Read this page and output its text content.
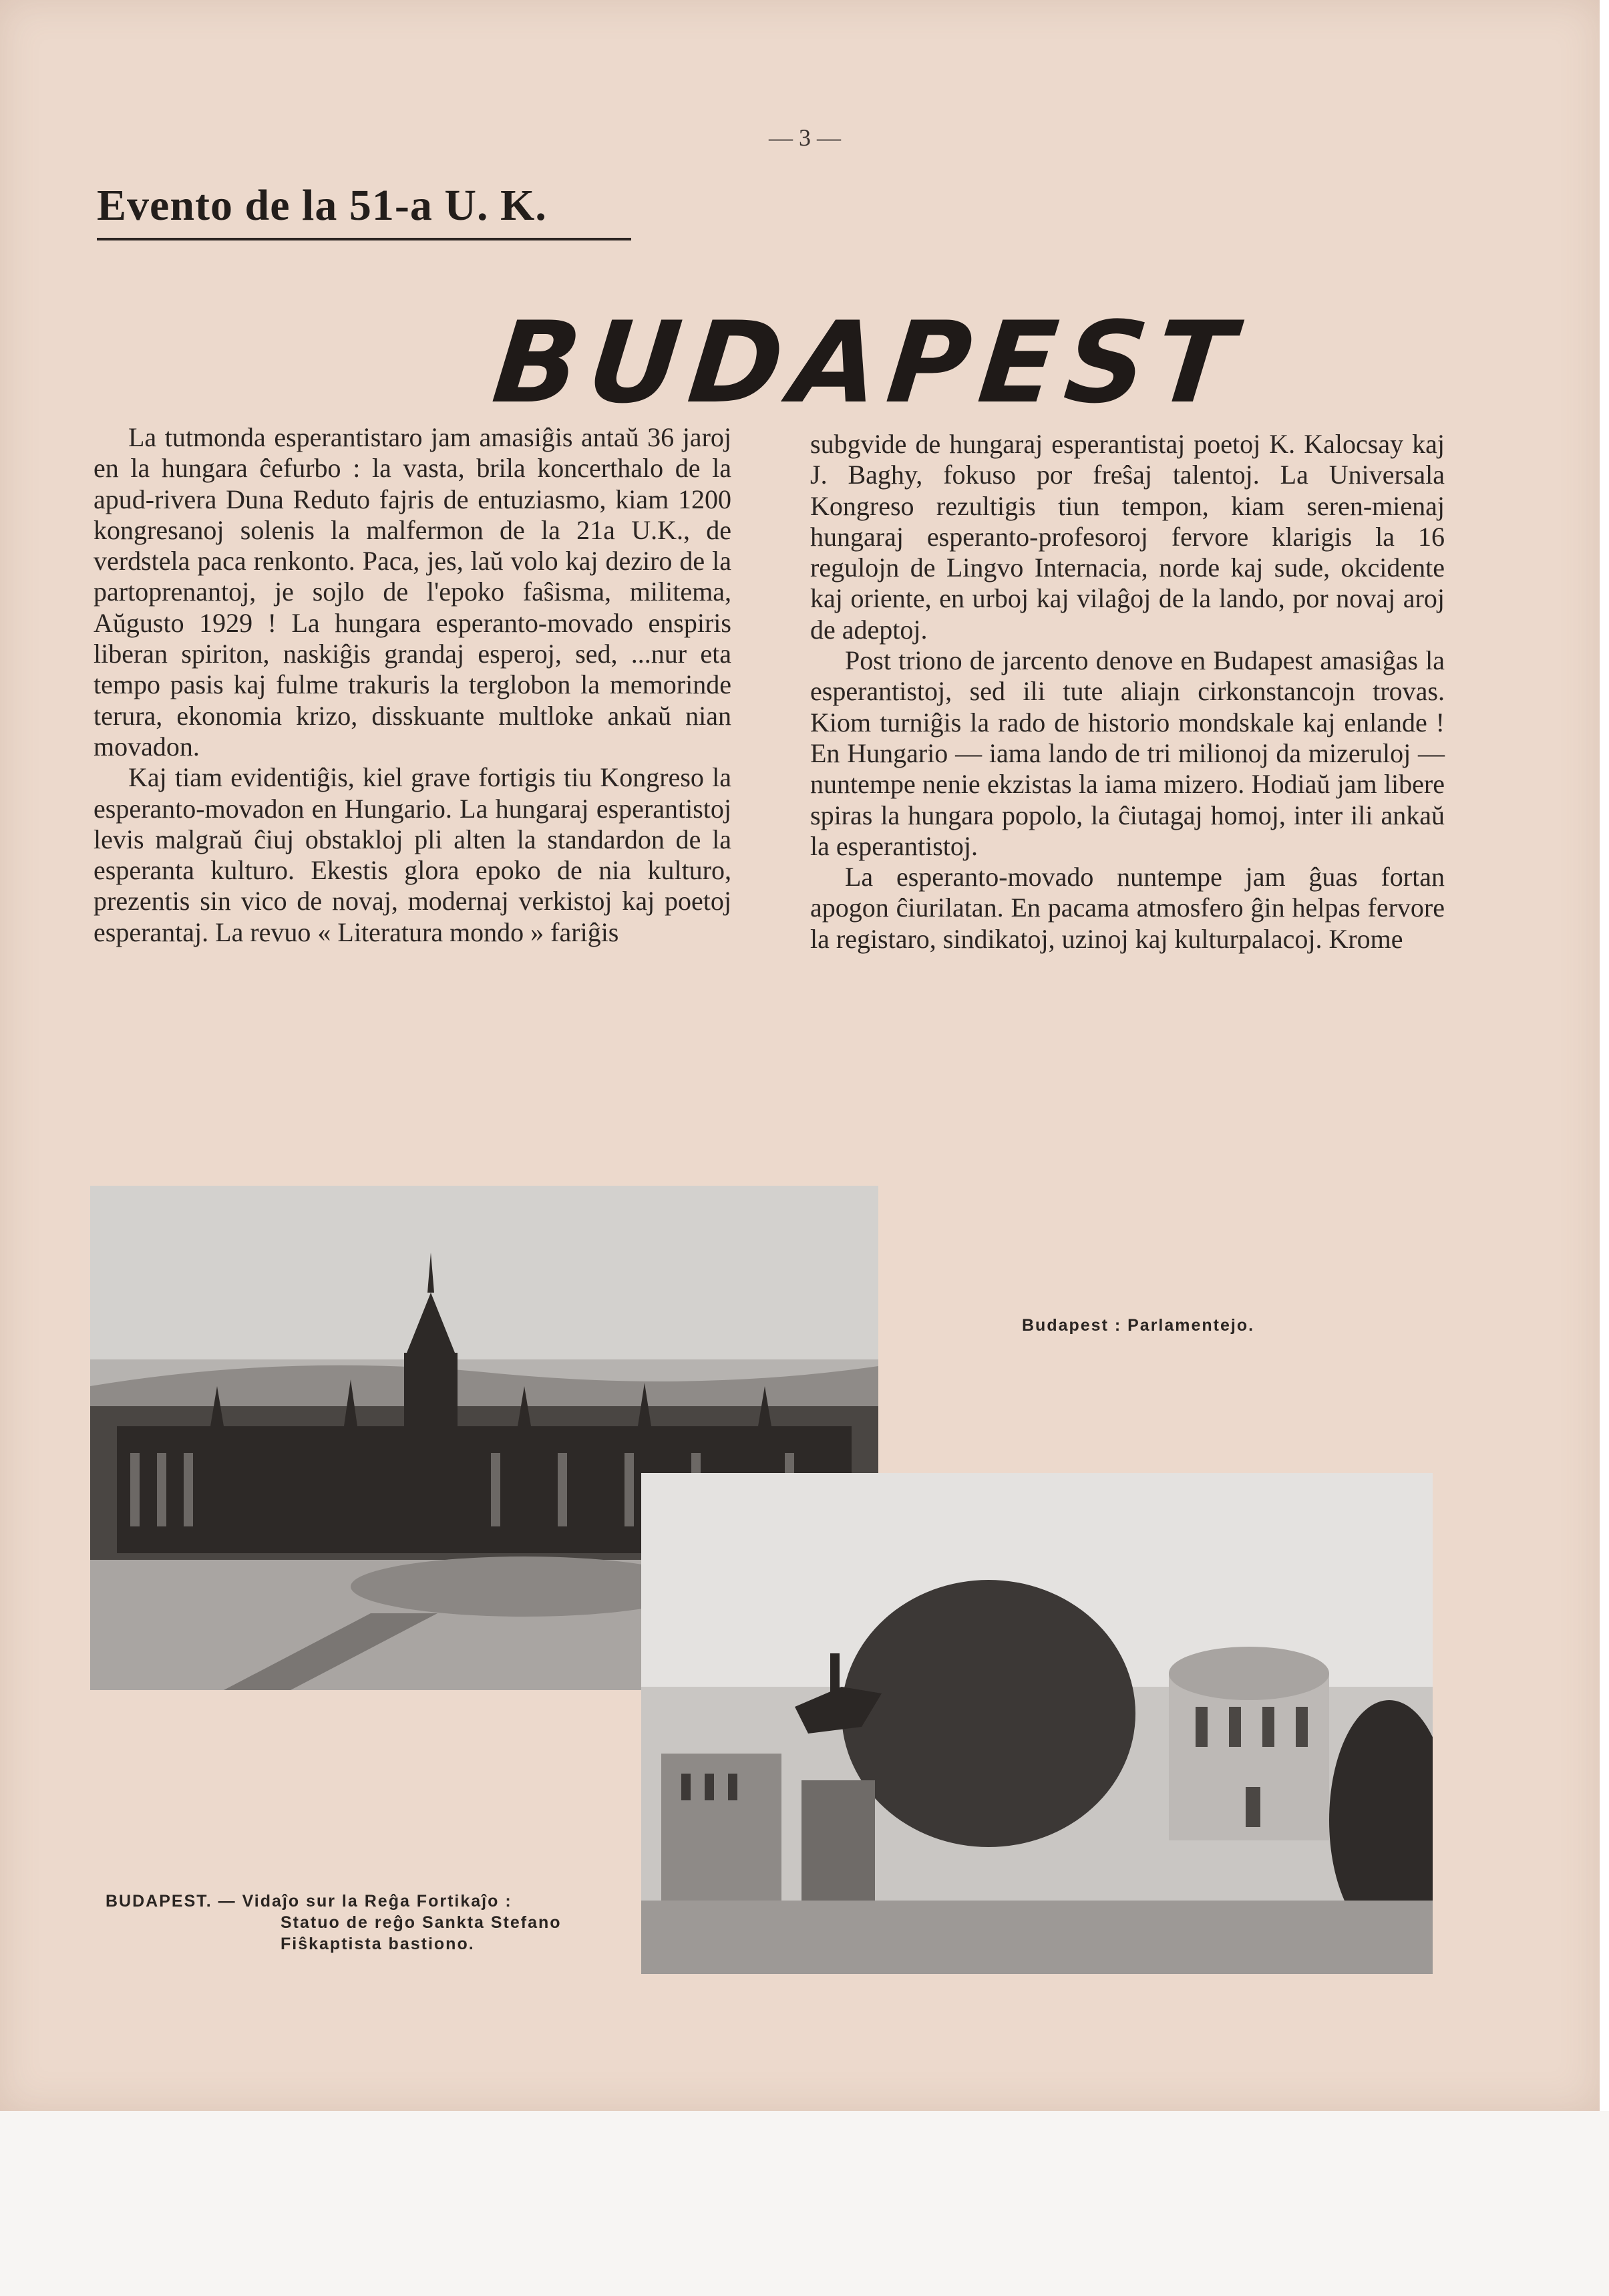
— 3 —
Evento de la 51-a U. K.
BUDAPEST

La tutmonda esperantistaro jam amasiĝis antaŭ 36 jaroj en la hungara ĉefurbo : la vasta, brila koncerthalo de la apud-rivera Duna Reduto fajris de entuziasmo, kiam 1200 kongresanoj solenis la malfermon de la 21a U.K., de verdstela paca renkonto. Paca, jes, laŭ volo kaj deziro de la partoprenantoj, je sojlo de l'epoko faŝisma, militema, Aŭgusto 1929 ! La hungara esperanto-movado enspiris liberan spiriton, naskiĝis grandaj esperoj, sed, ...nur eta tempo pasis kaj fulme trakuris la terglobon la memorinde terura, ekonomia krizo, disskuante multloke ankaŭ nian movadon.

Kaj tiam evidentiĝis, kiel grave fortigis tiu Kongreso la esperanto-movadon en Hungario. La hungaraj esperantistoj levis malgraŭ ĉiuj obstakloj pli alten la standardon de la esperanta kulturo. Ekestis glora epoko de nia kulturo, prezentis sin vico de novaj, modernaj verkistoj kaj poetoj esperantaj. La revuo « Literatura mondo » fariĝis

subgvide de hungaraj esperantistaj poetoj K. Kalocsay kaj J. Baghy, fokuso por freŝaj talentoj. La Universala Kongreso rezultigis tiun tempon, kiam seren-mienaj hungaraj esperanto-profesoroj fervore klarigis la 16 regulojn de Lingvo Internacia, norde kaj sude, okcidente kaj oriente, en urboj kaj vilaĝoj de la lando, por novaj aroj de adeptoj.

Post triono de jarcento denove en Budapest amasiĝas la esperantistoj, sed ili tute aliajn cirkonstancojn trovas. Kiom turniĝis la rado de historio mondskale kaj enlande ! En Hungario — iama lando de tri milionoj da mizeruloj — nuntempe nenie ekzistas la iama mizero. Hodiaŭ jam libere spiras la hungara popolo, la ĉiutagaj homoj, inter ili ankaŭ la esperantistoj.

La esperanto-movado nuntempe jam ĝuas fortan apogon ĉiurilatan. En pacama atmosfero ĝin helpas fervore la registaro, sindikatoj, uzinoj kaj kulturpalacoj. Krome

Budapest : Parlamentejo.
BUDAPEST. — Vidaĵo sur la Reĝa Fortikaĵo :
Statuo de reĝo Sankta Stefano
Fiŝkaptista bastiono.
